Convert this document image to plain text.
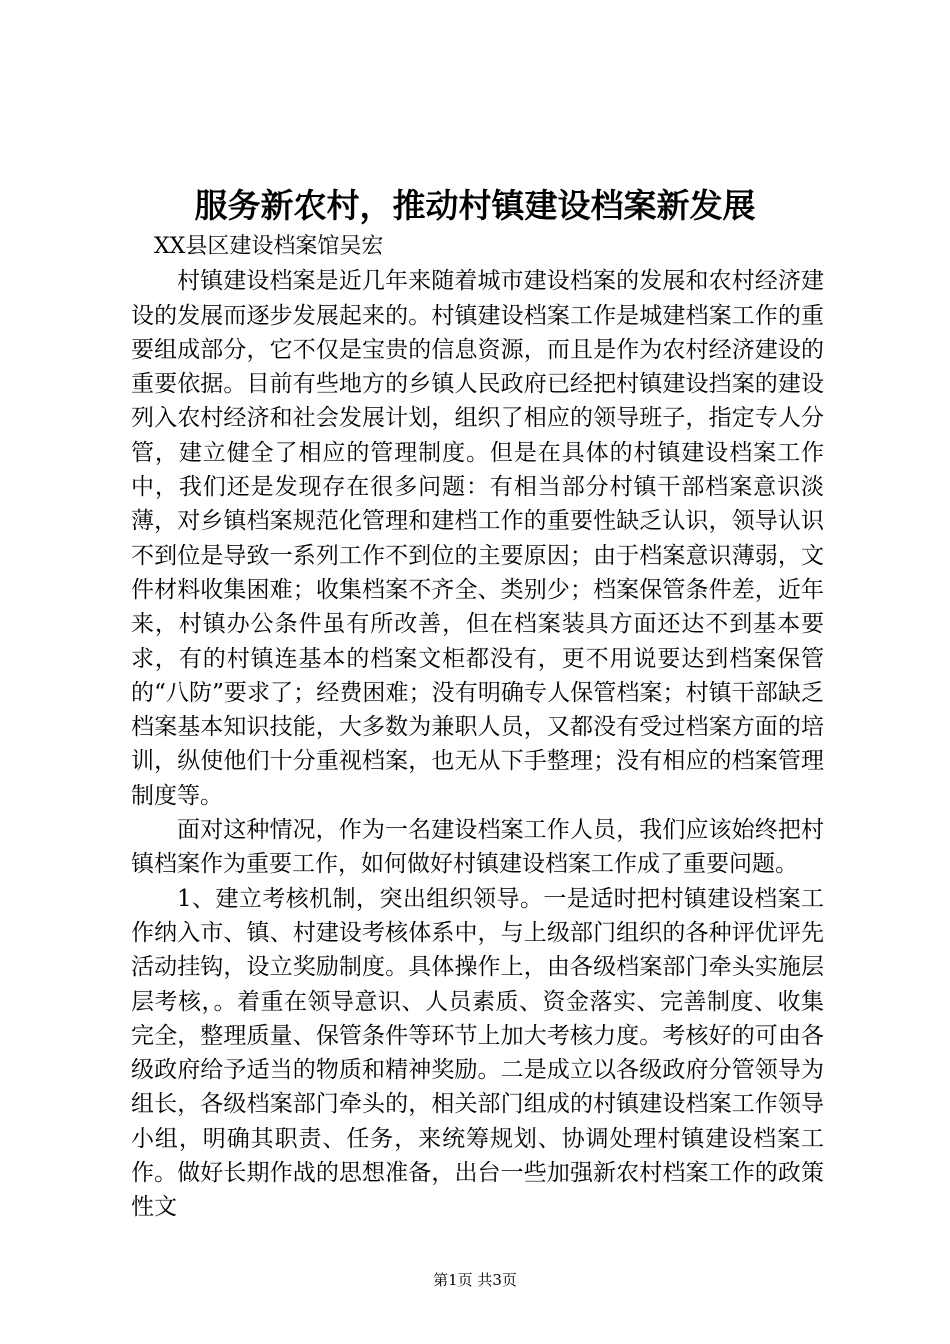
服务新农村，推动村镇建设档案新发展

XX县区建设档案馆吴宏

村镇建设档案是近几年来随着城市建设档案的发展和农村经济建设的发展而逐步发展起来的。村镇建设档案工作是城建档案工作的重要组成部分，它不仅是宝贵的信息资源，而且是作为农村经济建设的重要依据。目前有些地方的乡镇人民政府已经把村镇建设挡案的建设列入农村经济和社会发展计划，组织了相应的领导班子，指定专人分管，建立健全了相应的管理制度。但是在具体的村镇建设档案工作中，我们还是发现存在很多问题：有相当部分村镇干部档案意识淡薄，对乡镇档案规范化管理和建档工作的重要性缺乏认识，领导认识不到位是导致一系列工作不到位的主要原因；由于档案意识薄弱，文件材料收集困难；收集档案不齐全、类别少；档案保管条件差，近年来，村镇办公条件虽有所改善，但在档案装具方面还达不到基本要求，有的村镇连基本的档案文柜都没有，更不用说要达到档案保管的“八防”要求了；经费困难；没有明确专人保管档案；村镇干部缺乏档案基本知识技能，大多数为兼职人员，又都没有受过档案方面的培训，纵使他们十分重视档案，也无从下手整理；没有相应的档案管理制度等。

面对这种情况，作为一名建设档案工作人员，我们应该始终把村镇档案作为重要工作，如何做好村镇建设档案工作成了重要问题。

1、建立考核机制，突出组织领导。一是适时把村镇建设档案工作纳入市、镇、村建设考核体系中，与上级部门组织的各种评优评先活动挂钩，设立奖励制度。具体操作上，由各级档案部门牵头实施层层考核，。着重在领导意识、人员素质、资金落实、完善制度、收集完全，整理质量、保管条件等环节上加大考核力度。考核好的可由各级政府给予适当的物质和精神奖励。二是成立以各级政府分管领导为组长，各级档案部门牵头的，相关部门组成的村镇建设档案工作领导小组，明确其职责、任务，来统筹规划、协调处理村镇建设档案工作。做好长期作战的思想准备，出台一些加强新农村档案工作的政策性文

第1页 共3页
